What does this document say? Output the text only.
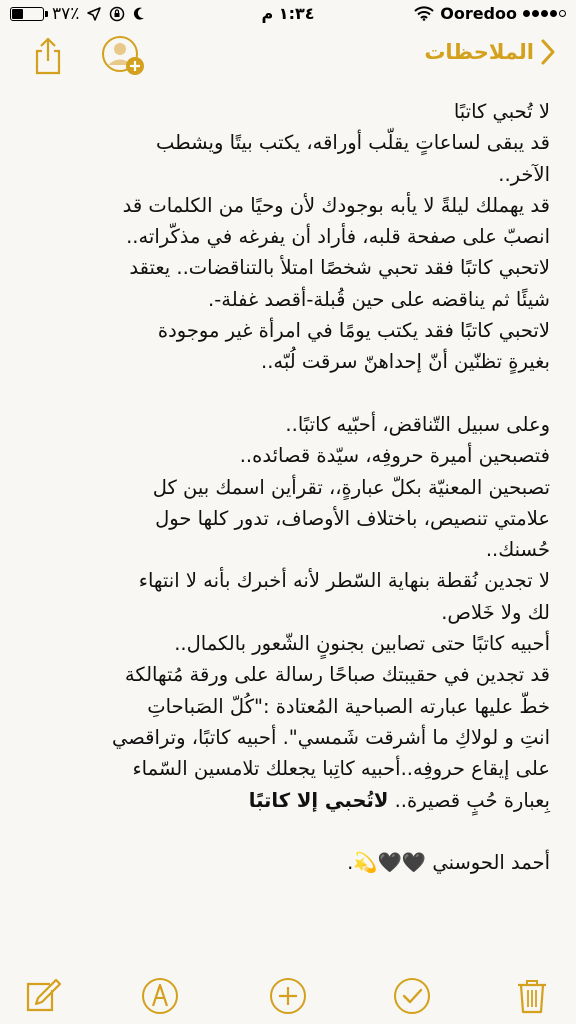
٣٧٪	١:٣٤ م	Ooredoo
الملاحظات
لا تُحبي كاتبًا
قد يبقى لساعاتٍ يقلّب أوراقه، يكتب بيتًا ويشطب
الآخر..
قد يهملك ليلةً لا يأبه بوجودك لأن وحيًا من الكلمات قد
انصبّ على صفحة قلبه، فأراد أن يفرغه في مذكّراته..
لاتحبي كاتبًا فقد تحبي شخصًا امتلأ بالتناقضات.. يعتقد
شيئًا ثم يناقضه على حين قُبلة-أقصد غفلة-.
لاتحبي كاتبًا فقد يكتب يومًا في امرأة غير موجودة
بغيرةٍ تظنّين أنّ إحداهنّ سرقت لُبّه..
وعلى سبيل التّناقض، أحبّيه كاتبًا..
فتصبحين أميرة حروفِه، سيّدة قصائده..
تصبحين المعنيّة بكلّ عبارةٍ،، تقرأين اسمك بين كل
علامتي تنصيص، باختلاف الأوصاف، تدور كلها حول
حُسنك..
لا تجدين نُقطة بنهاية السّطر لأنه أخبرك بأنه لا انتهاء
لك ولا خَلاص.
أحبيه كاتبًا حتى تصابين بجنونٍ الشّعور بالكمال..
قد تجدين في حقيبتك صباحًا رسالة على ورقة مُتهالكة
خطّ عليها عبارته الصباحية المُعتادة :"كُلّ الصَباحاتِ
انتِ و لولاكِ ما أشرقت شَمسي". أحبيه كاتبًا، وتراقصي
على إيقاع حروفِه..أحبيه كاتِبا يجعلك تلامسين السّماء
بِعبارة حُبٍ قصيرة.. لاتُحبي إلا كاتبًا
أحمد الحوسني 🖤🖤💫.
